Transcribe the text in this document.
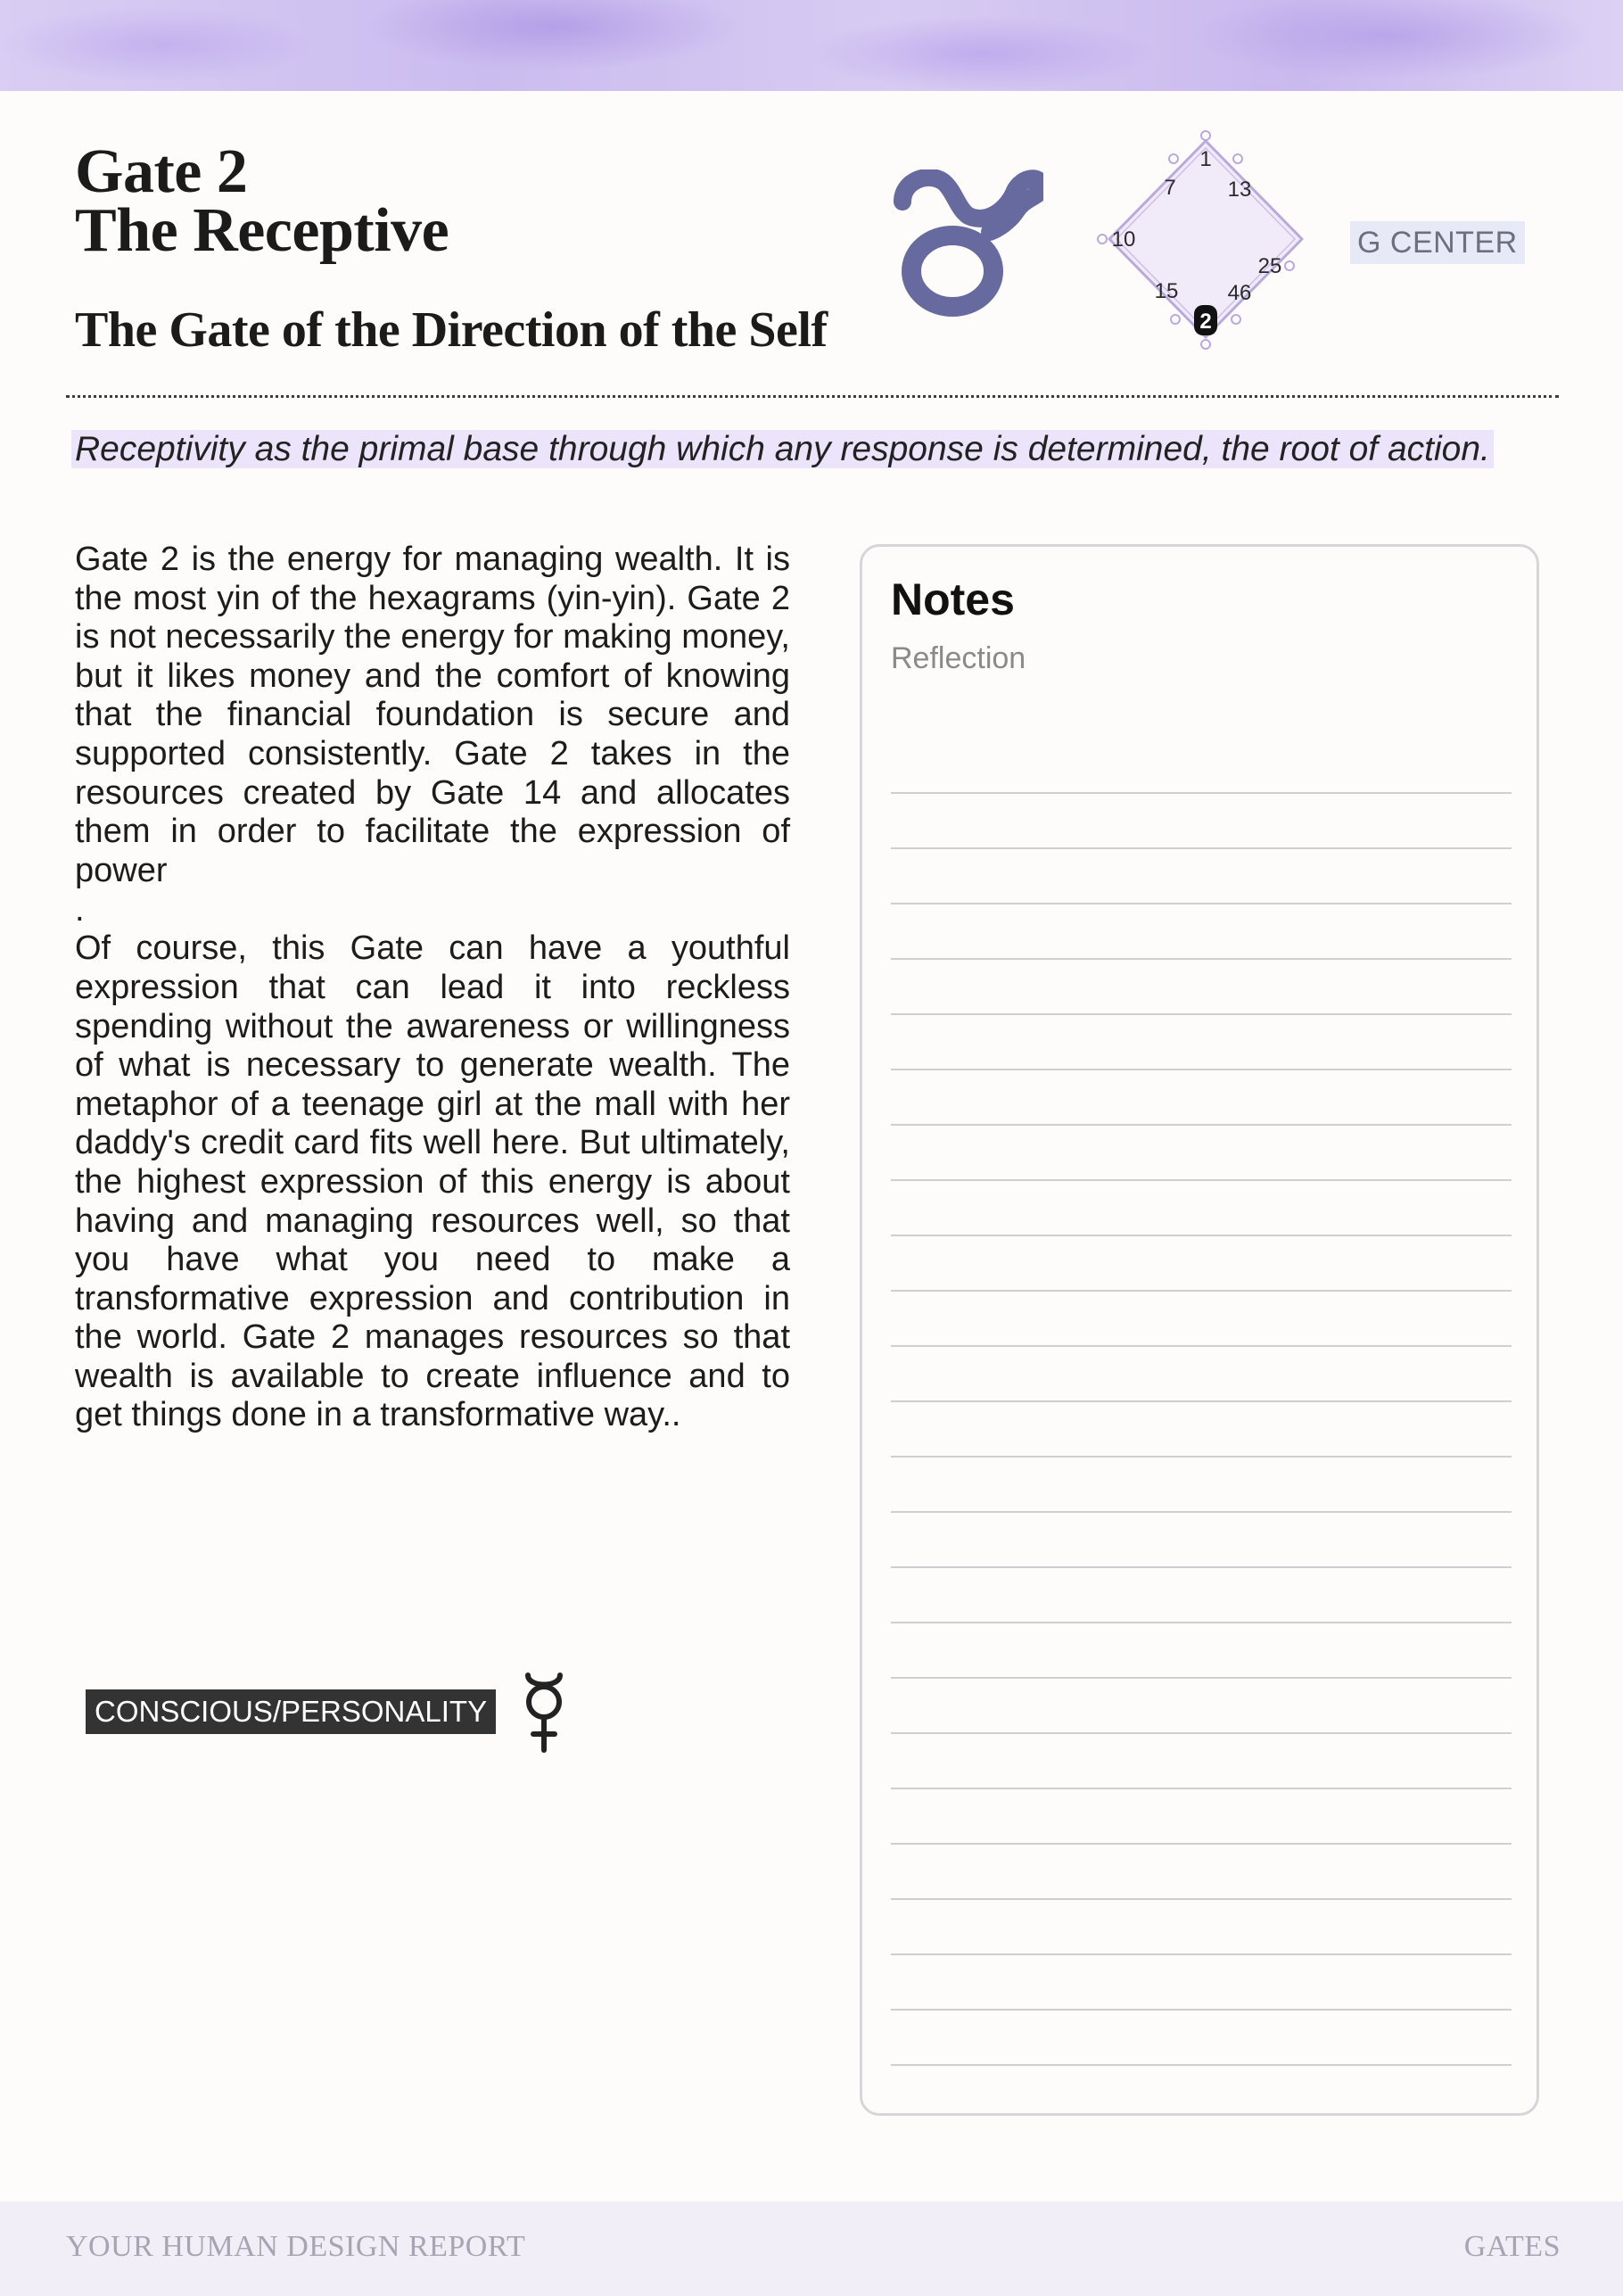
Gate 2
The Receptive
The Gate of the Direction of the Self
1
7 13
10
25
15 46
2
G CENTER
Receptivity as the primal base through which any response is determined, the root of action.

Gate 2 is the energy for managing wealth. It is the most yin of the hexagrams (yin-yin). Gate 2 is not necessarily the energy for making money, but it likes money and the comfort of knowing that the financial foundation is secure and supported consistently. Gate 2 takes in the resources created by Gate 14 and allocates them in order to facilitate the expression of power

.

Of course, this Gate can have a youthful expression that can lead it into reckless spending without the awareness or willingness of what is necessary to generate wealth. The metaphor of a teenage girl at the mall with her daddy's credit card fits well here. But ultimately, the highest expression of this energy is about having and managing resources well, so that you have what you need to make a transformative expression and contribution in the world. Gate 2 manages resources so that wealth is available to create influence and to get things done in a transformative way..

CONSCIOUS/PERSONALITY
Notes
Reflection
YOUR HUMAN DESIGN REPORT	GATES
